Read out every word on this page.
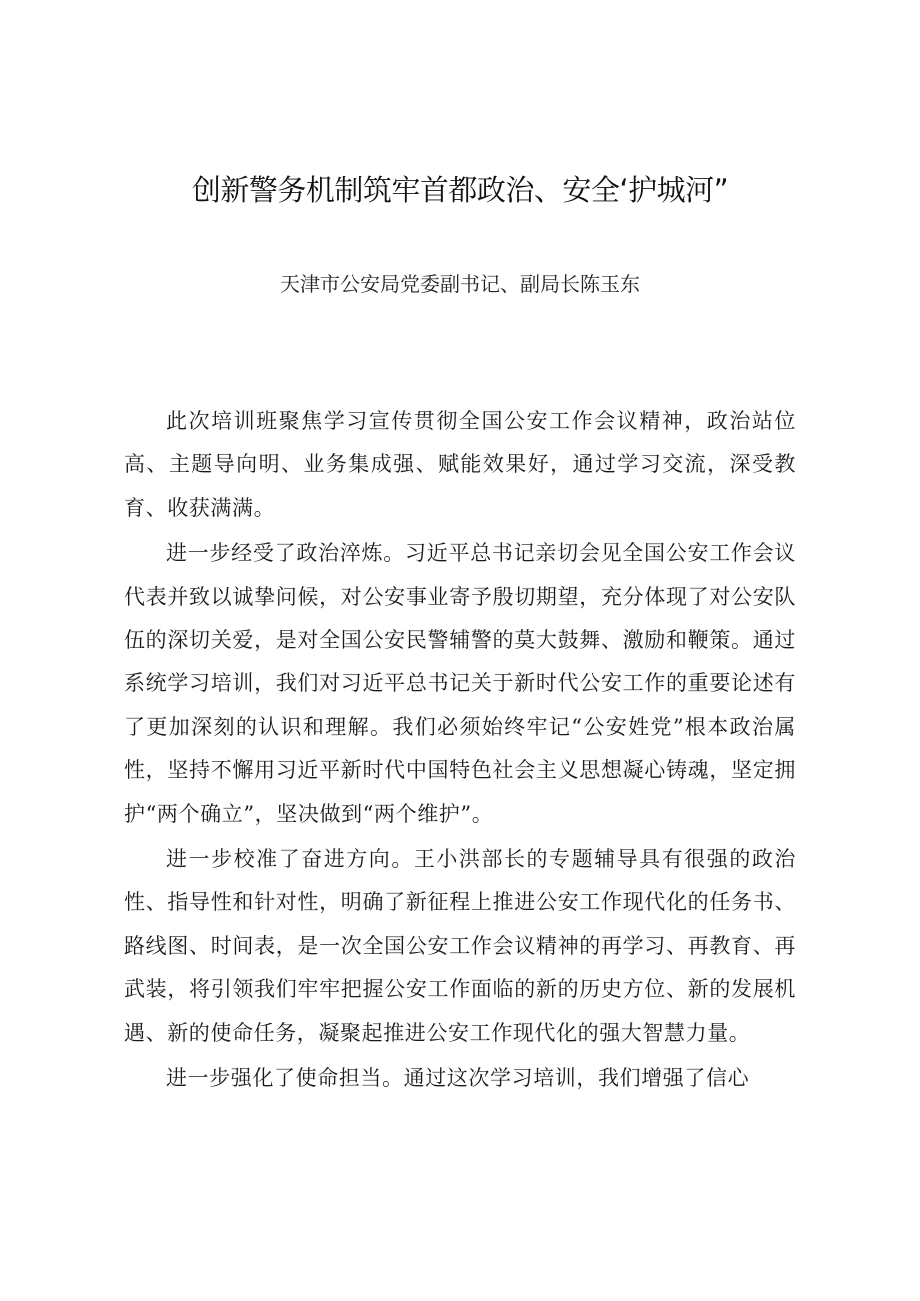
创新警务机制筑牢首都政治、安全‘护城河”

天津市公安局党委副书记、副局长陈玉东

此次培训班聚焦学习宣传贯彻全国公安工作会议精神，政治站位高、主题导向明、业务集成强、赋能效果好，通过学习交流，深受教育、收获满满。

进一步经受了政治淬炼。习近平总书记亲切会见全国公安工作会议代表并致以诚挚问候，对公安事业寄予殷切期望，充分体现了对公安队伍的深切关爱，是对全国公安民警辅警的莫大鼓舞、激励和鞭策。通过系统学习培训，我们对习近平总书记关于新时代公安工作的重要论述有了更加深刻的认识和理解。我们必须始终牢记“公安姓党”根本政治属性，坚持不懈用习近平新时代中国特色社会主义思想凝心铸魂，坚定拥护“两个确立”，坚决做到“两个维护”。

进一步校准了奋进方向。王小洪部长的专题辅导具有很强的政治性、指导性和针对性，明确了新征程上推进公安工作现代化的任务书、路线图、时间表，是一次全国公安工作会议精神的再学习、再教育、再武装，将引领我们牢牢把握公安工作面临的新的历史方位、新的发展机遇、新的使命任务，凝聚起推进公安工作现代化的强大智慧力量。

进一步强化了使命担当。通过这次学习培训，我们增强了信心
